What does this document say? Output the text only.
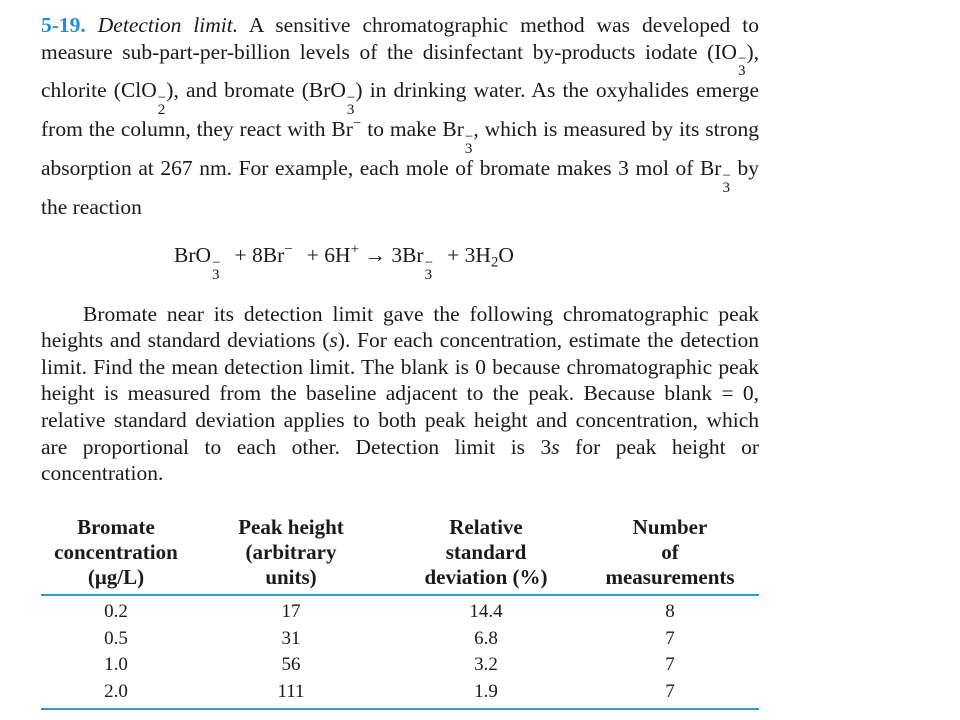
5-19. Detection limit. A sensitive chromatographic method was developed to measure sub-part-per-billion levels of the disinfectant by-products iodate (IO −
3
), chlorite (ClO −
2
), and bromate (BrO −
3
) in drinking water. As the oxyhalides emerge from the column, they react with Br− to make Br −
3
, which is measured by its strong absorption at 267 nm. For example, each mole of bromate makes 3 mol of Br −
3
by the reaction

BrO −
3
+ 8Br− + 6H+ → 3Br −
3
+ $3H_2O$

Bromate near its detection limit gave the following chromatographic peak heights and standard deviations (s). For each concentration, estimate the detection limit. Find the mean detection limit. The blank is 0 because chromatographic peak height is measured from the baseline adjacent to the peak. Because blank = 0, relative standard deviation applies to both peak height and concentration, which are proportional to each other. Detection limit is 3s for peak height or concentration.

Bromate
concentration
(μg/L)	Peak height
(arbitrary
units)	Relative
standard
deviation (%)	Number
of
measurements

0.2	17	14.4	8
0.5	31	6.8	7
1.0	56	3.2	7
2.0	111	1.9	7
